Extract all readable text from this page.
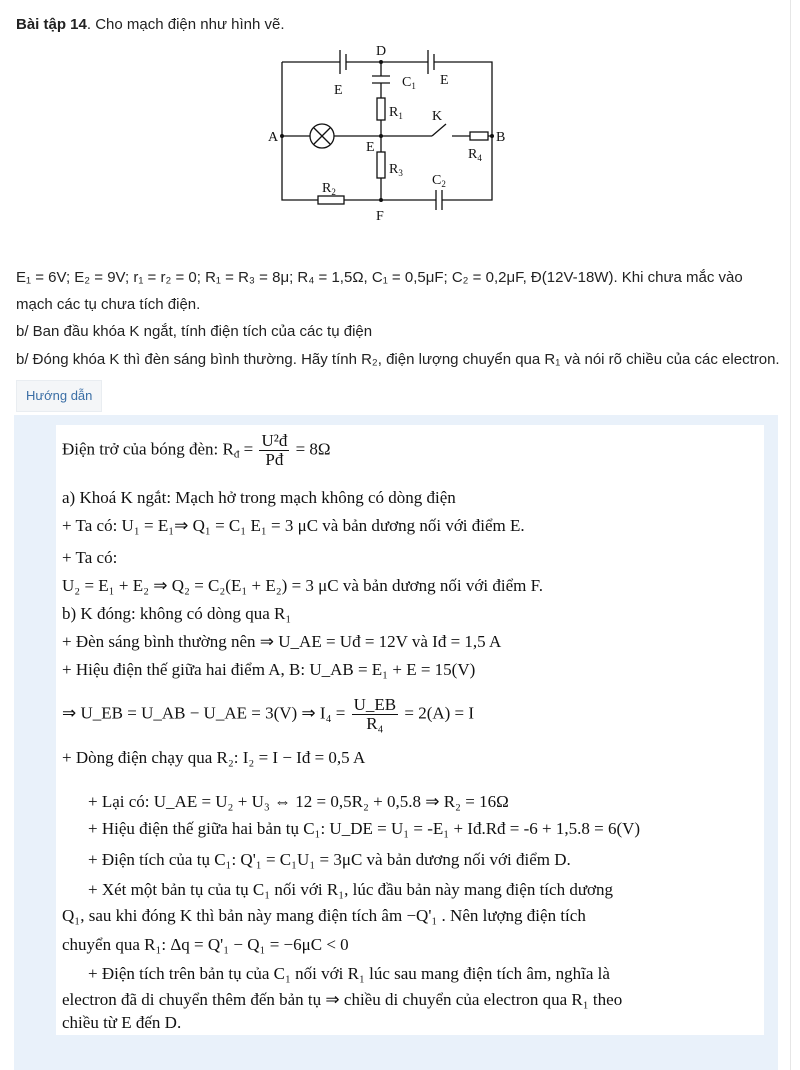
Bài tập 14. Cho mạch điện như hình vẽ.
D
$C_1$
E
E
$R_1$ K
A	B
E	$R_4$
$R_3$ $C_2$
$R_2$
F
E₁ = 6V; E₂ = 9V; r₁ = r₂ = 0; R₁ = R₃ = 8μ; R₄ = 1,5Ω, C₁ = 0,5μF; C₂ = 0,2μF, Đ(12V-18W). Khi chưa mắc vào
mạch các tụ chưa tích điện.
b/ Ban đầu khóa K ngắt, tính điện tích của các tụ điện
b/ Đóng khóa K thì đèn sáng bình thường. Hãy tính R₂, điện lượng chuyển qua R₁ và nói rõ chiều của các electron.
Hướng dẫn
Điện trở của bóng đèn: $R_đ = \frac{\text{U²đ}}{Pđ} = 8\Omega$
a) Khoá K ngắt: Mạch hở trong mạch không có dòng điện
+ Ta có: U₁ = E₁⇒ Q₁ = C₁ E₁ = 3 μC và bản dương nối với điểm E.
+ Ta có:
U₂ = E₁ + E₂ ⇒ Q₂ = C₂(E₁ + E₂) = 3 μC và bản dương nối với điểm F.
b) K đóng: không có dòng qua R₁
+ Đèn sáng bình thường nên ⇒ U_AE = Uđ = 12V và Iđ = 1,5 A
+ Hiệu điện thế giữa hai điểm A, B: U_AB = E₁ + E = 15(V)
⇒ U_EB = U_AB − U_AE = 3(V) ⇒ $I_4 = \frac{U\_EB}{\text{R₄}} = 2(A) = I$
+ Dòng điện chạy qua R₂: I₂ = I − Iđ = 0,5 A
+ Lại có: U_AE = U₂ + U₃ ⇔ 12 = 0,5R₂ + 0,5.8 ⇒ R₂ = 16Ω
+ Hiệu điện thế giữa hai bản tụ C₁: U_DE = U₁ = -E₁ + Iđ.Rđ = -6 + 1,5.8 = 6(V)
+ Điện tích của tụ C₁: Q'₁ = C₁U₁ = 3μC và bản dương nối với điểm D.
+ Xét một bản tụ của tụ C₁ nối với R₁, lúc đầu bản này mang điện tích dương
Q₁, sau khi đóng K thì bản này mang điện tích âm −Q'₁ . Nên lượng điện tích
chuyển qua R₁: Δq = Q'₁ − Q₁ = −6μC < 0
+ Điện tích trên bản tụ của C₁ nối với R₁ lúc sau mang điện tích âm, nghĩa là
electron đã di chuyển thêm đến bản tụ ⇒ chiều di chuyển của electron qua R₁ theo
chiều từ E đến D.
